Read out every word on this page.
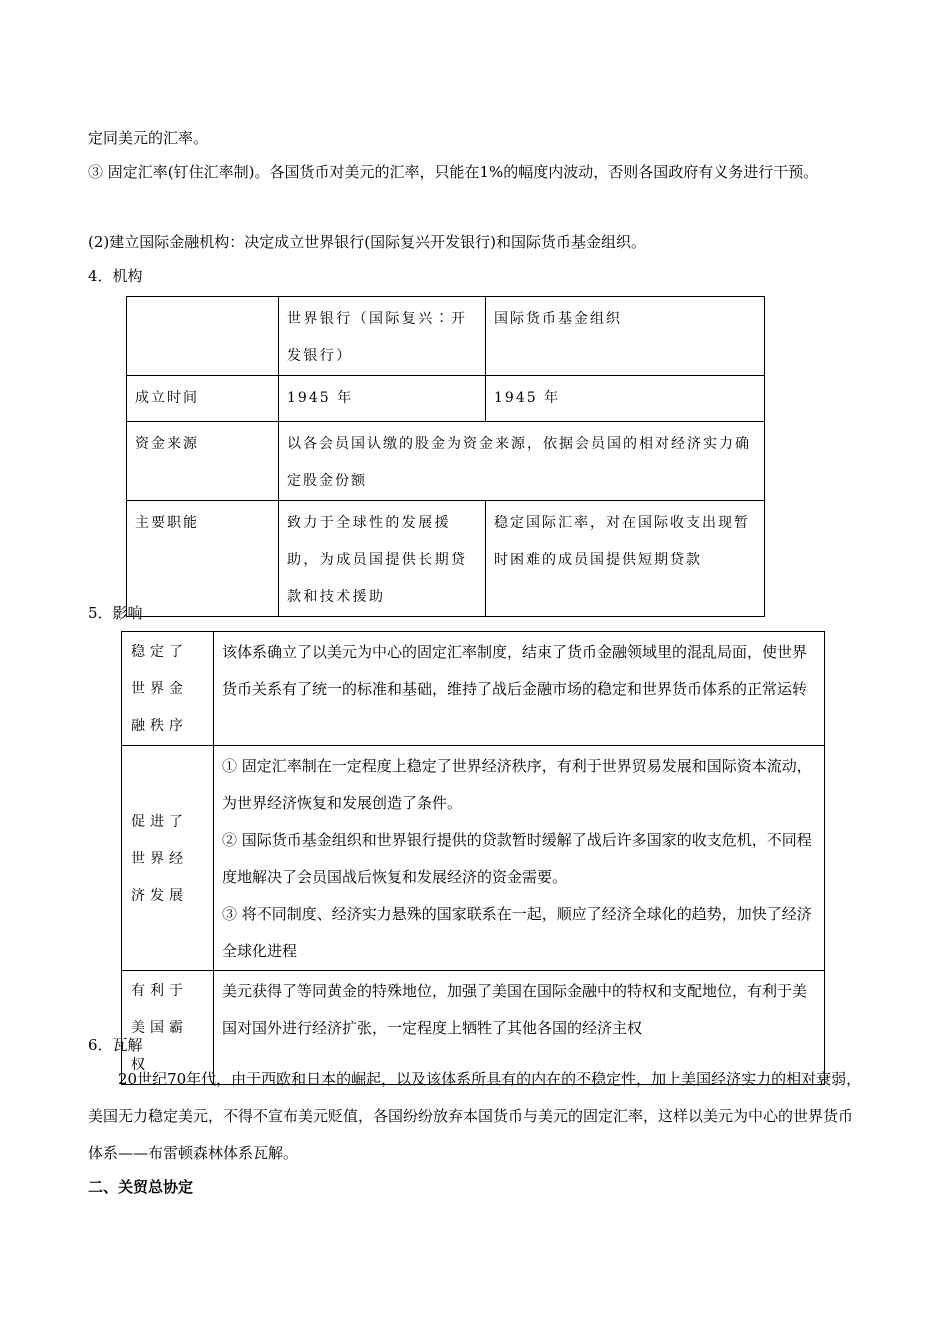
定同美元的汇率。

③ 固定汇率(钉住汇率制)。各国货币对美元的汇率，只能在1%的幅度内波动，否则各国政府有义务进行干预。

(2)建立国际金融机构：决定成立世界银行(国际复兴开发银行)和国际货币基金组织。

4．机构

	世界银行（国际复兴∶开发银行）	国际货币基金组织
成立时间	1945 年	1945 年
资金来源	以各会员国认缴的股金为资金来源，依据会员国的相对经济实力确定股金份额	
主要职能	致力于全球性的发展援助，为成员国提供长期贷款和技术援助	稳定国际汇率，对在国际收支出现暂时困难的成员国提供短期贷款

5．影响

稳定了世界金融秩序	该体系确立了以美元为中心的固定汇率制度，结束了货币金融领域里的混乱局面，使世界货币关系有了统一的标准和基础，维持了战后金融市场的稳定和世界货币体系的正常运转
促进了世界经济发展	① 固定汇率制在一定程度上稳定了世界经济秩序，有利于世界贸易发展和国际资本流动，为世界经济恢复和发展创造了条件。
② 国际货币基金组织和世界银行提供的贷款暂时缓解了战后许多国家的收支危机，不同程度地解决了会员国战后恢复和发展经济的资金需要。
③ 将不同制度、经济实力悬殊的国家联系在一起，顺应了经济全球化的趋势，加快了经济全球化进程

有利于美国霸权	美元获得了等同黄金的特殊地位，加强了美国在国际金融中的特权和支配地位，有利于美国对国外进行经济扩张，一定程度上牺牲了其他各国的经济主权

6．瓦解

20世纪70年代，由于西欧和日本的崛起，以及该体系所具有的内在的不稳定性，加上美国经济实力的相对衰弱，美国无力稳定美元，不得不宣布美元贬值，各国纷纷放弃本国货币与美元的固定汇率，这样以美元为中心的世界货币体系——布雷顿森林体系瓦解。

二、关贸总协定
